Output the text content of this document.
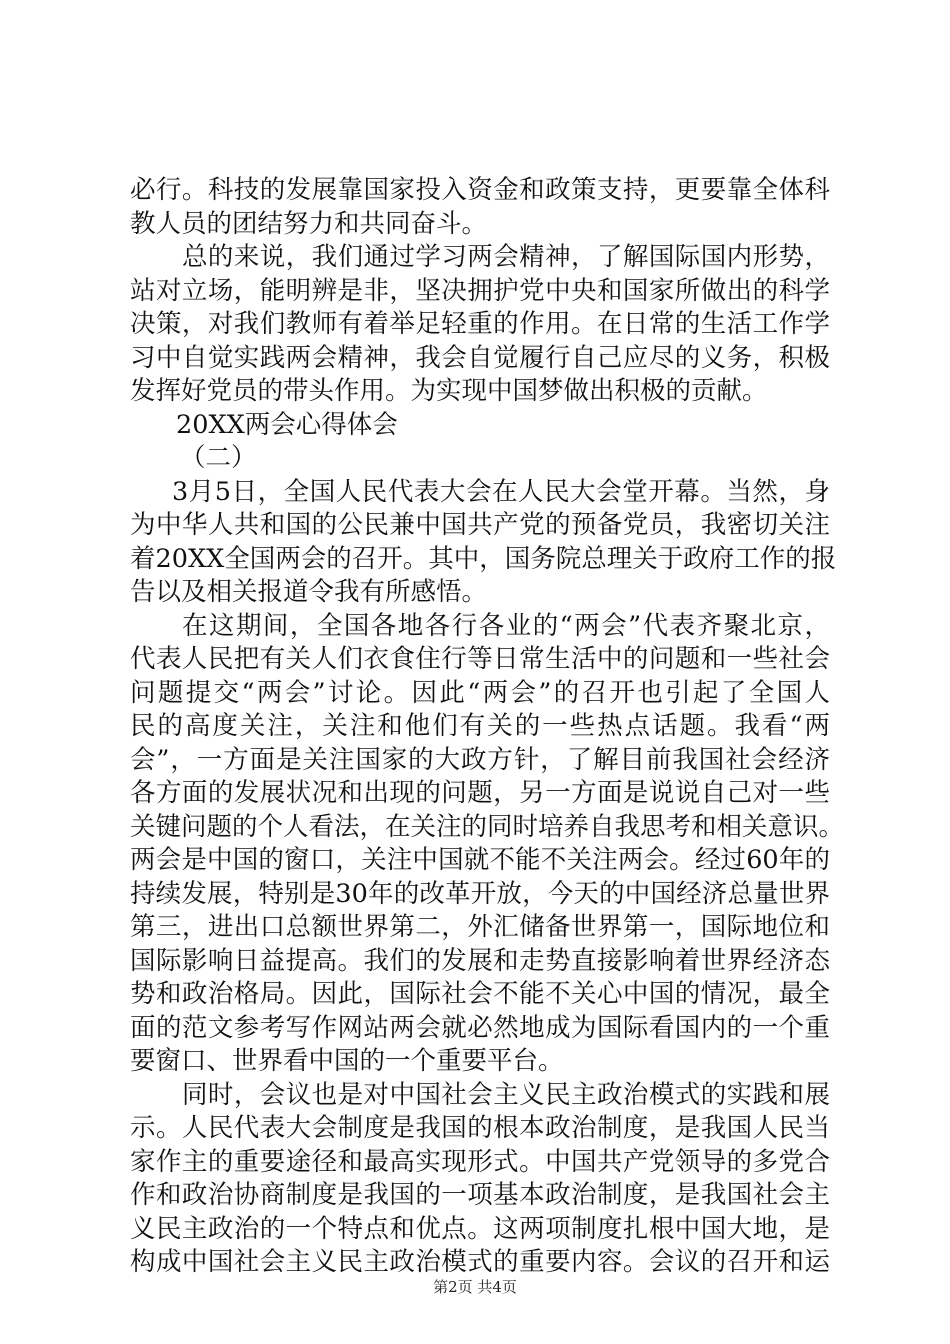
必行。科技的发展靠国家投入资金和政策支持，更要靠全体科
教人员的团结努力和共同奋斗。
总的来说，我们通过学习两会精神，了解国际国内形势，
站对立场，能明辨是非，坚决拥护党中央和国家所做出的科学
决策，对我们教师有着举足轻重的作用。在日常的生活工作学
习中自觉实践两会精神，我会自觉履行自己应尽的义务，积极
发挥好党员的带头作用。为实现中国梦做出积极的贡献。
20XX两会心得体会
（二）
3月5日，全国人民代表大会在人民大会堂开幕。当然，身
为中华人共和国的公民兼中国共产党的预备党员，我密切关注
着20XX全国两会的召开。其中，国务院总理关于政府工作的报
告以及相关报道令我有所感悟。
在这期间，全国各地各行各业的“两会”代表齐聚北京，
代表人民把有关人们衣食住行等日常生活中的问题和一些社会
问题提交“两会”讨论。因此“两会”的召开也引起了全国人
民的高度关注，关注和他们有关的一些热点话题。我看“两
会”，一方面是关注国家的大政方针，了解目前我国社会经济
各方面的发展状况和出现的问题，另一方面是说说自己对一些
关键问题的个人看法，在关注的同时培养自我思考和相关意识。
两会是中国的窗口，关注中国就不能不关注两会。经过60年的
持续发展，特别是30年的改革开放，今天的中国经济总量世界
第三，进出口总额世界第二，外汇储备世界第一，国际地位和
国际影响日益提高。我们的发展和走势直接影响着世界经济态
势和政治格局。因此，国际社会不能不关心中国的情况，最全
面的范文参考写作网站两会就必然地成为国际看国内的一个重
要窗口、世界看中国的一个重要平台。
同时，会议也是对中国社会主义民主政治模式的实践和展
示。人民代表大会制度是我国的根本政治制度，是我国人民当
家作主的重要途径和最高实现形式。中国共产党领导的多党合
作和政治协商制度是我国的一项基本政治制度，是我国社会主
义民主政治的一个特点和优点。这两项制度扎根中国大地，是
构成中国社会主义民主政治模式的重要内容。会议的召开和运
第2页 共4页
